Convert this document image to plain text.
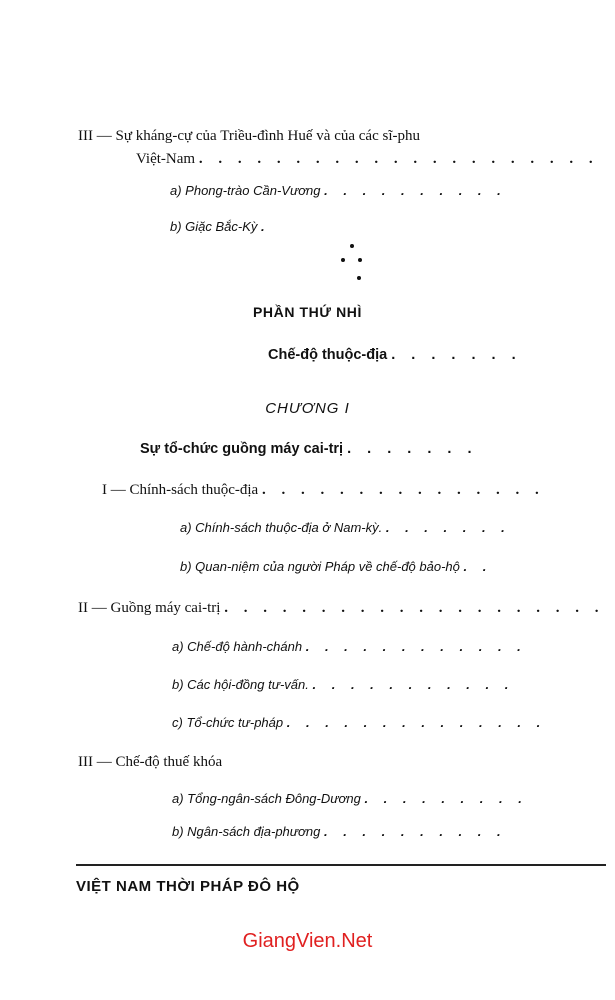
III — Sự kháng-cự của Triều-đình Huế và của các sĩ-phu
Việt-Nam . . . . . . . . . . . . . . . . . . . . .
a) Phong-trào Cần-Vương . . . . . . . . . .
b) Giặc Bắc-Kỳ .
PHẦN THỨ NHÌ
Chế-độ thuộc-địa . . . . . . .
CHƯƠNG I
Sự tổ-chức guồng máy cai-trị . . . . . . .
I — Chính-sách thuộc-địa . . . . . . . . . . . . . . .
a) Chính-sách thuộc-địa ở Nam-kỳ. . . . . . . .
b) Quan-niệm của người Pháp về chế-độ bảo-hộ . .
II — Guồng máy cai-trị . . . . . . . . . . . . . . . . . . . .
a) Chế-độ hành-chánh . . . . . . . . . . . .
b) Các hội-đồng tư-vấn. . . . . . . . . . . .
c) Tổ-chức tư-pháp . . . . . . . . . . . . . .
III — Chế-độ thuế khóa
a) Tổng-ngân-sách Đông-Dương . . . . . . . . .
b) Ngân-sách địa-phương . . . . . . . . . .
VIỆT NAM THỜI PHÁP ĐÔ HỘ
GiangVien.Net
